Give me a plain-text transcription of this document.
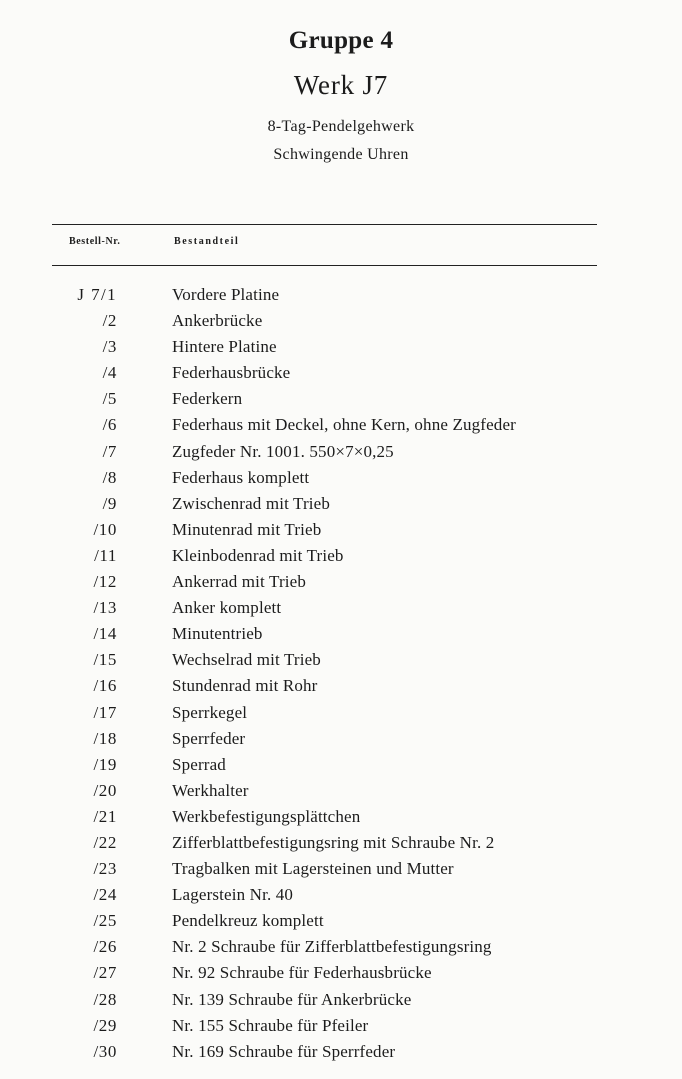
Gruppe 4
Werk J7
8-Tag-Pendelgehwerk
Schwingende Uhren
Bestell-Nr.	Bestandteil
J 7/1	Vordere Platine
/2	Ankerbrücke
/3	Hintere Platine
/4	Federhausbrücke
/5	Federkern
/6	Federhaus mit Deckel, ohne Kern, ohne Zugfeder
/7	Zugfeder Nr. 1001. 550×7×0,25
/8	Federhaus komplett
/9	Zwischenrad mit Trieb
/10	Minutenrad mit Trieb
/11	Kleinbodenrad mit Trieb
/12	Ankerrad mit Trieb
/13	Anker komplett
/14	Minutentrieb
/15	Wechselrad mit Trieb
/16	Stundenrad mit Rohr
/17	Sperrkegel
/18	Sperrfeder
/19	Sperrad
/20	Werkhalter
/21	Werkbefestigungsplättchen
/22	Zifferblattbefestigungsring mit Schraube Nr. 2
/23	Tragbalken mit Lagersteinen und Mutter
/24	Lagerstein Nr. 40
/25	Pendelkreuz komplett
/26	Nr. 2 Schraube für Zifferblattbefestigungsring
/27	Nr. 92 Schraube für Federhausbrücke
/28	Nr. 139 Schraube für Ankerbrücke
/29	Nr. 155 Schraube für Pfeiler
/30	Nr. 169 Schraube für Sperrfeder
